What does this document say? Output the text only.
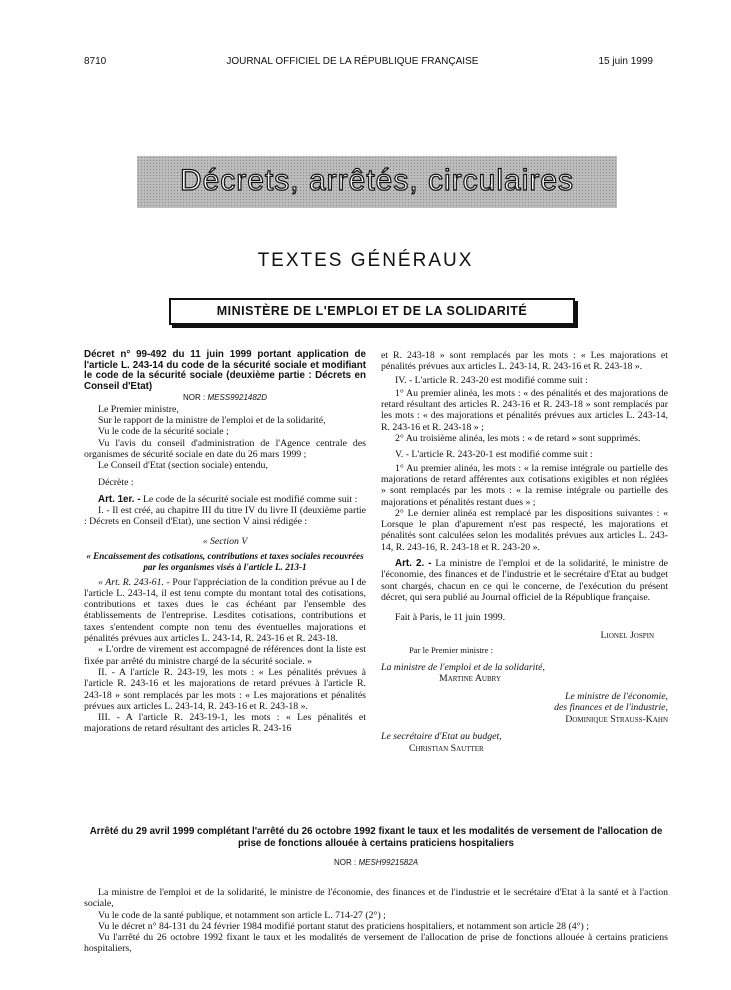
8710	JOURNAL OFFICIEL DE LA RÉPUBLIQUE FRANÇAISE	15 juin 1999
Décrets, arrêtés, circulaires
TEXTES GÉNÉRAUX
MINISTÈRE DE L'EMPLOI ET DE LA SOLIDARITÉ

Décret n° 99-492 du 11 juin 1999 portant application de l'article L. 243-14 du code de la sécurité sociale et modifiant le code de la sécurité sociale (deuxième partie : Décrets en Conseil d'Etat)

NOR : MESS9921482D

Le Premier ministre,

Sur le rapport de la ministre de l'emploi et de la solidarité,

Vu le code de la sécurité sociale ;

Vu l'avis du conseil d'administration de l'Agence centrale des organismes de sécurité sociale en date du 26 mars 1999 ;

Le Conseil d'Etat (section sociale) entendu,

Décrète :

Art. 1er. - Le code de la sécurité sociale est modifié comme suit :

I. - Il est créé, au chapitre III du titre IV du livre II (deuxième partie : Décrets en Conseil d'Etat), une section V ainsi rédigée :

« Section V

« Encaissement des cotisations, contributions et taxes sociales recouvrées par les organismes visés à l'article L. 213-1

« Art. R. 243-61. - Pour l'appréciation de la condition prévue au I de l'article L. 243-14, il est tenu compte du montant total des cotisations, contributions et taxes dues le cas échéant par l'ensemble des établissements de l'entreprise. Lesdites cotisations, contributions et taxes s'entendent compte non tenu des éventuelles majorations et pénalités prévues aux articles L. 243-14, R. 243-16 et R. 243-18.

« L'ordre de virement est accompagné de références dont la liste est fixée par arrêté du ministre chargé de la sécurité sociale. »

II. - A l'article R. 243-19, les mots : « Les pénalités prévues à l'article R. 243-16 et les majorations de retard prévues à l'article R. 243-18 » sont remplacés par les mots : « Les majorations et pénalités prévues aux articles L. 243-14, R. 243-16 et R. 243-18 ».

III. - A l'article R. 243-19-1, les mots : « Les pénalités et majorations de retard résultant des articles R. 243-16

et R. 243-18 » sont remplacés par les mots : « Les majorations et pénalités prévues aux articles L. 243-14, R. 243-16 et R. 243-18 ».

IV. - L'article R. 243-20 est modifié comme suit :

1° Au premier alinéa, les mots : « des pénalités et des majorations de retard résultant des articles R. 243-16 et R. 243-18 » sont remplacés par les mots : « des majorations et pénalités prévues aux articles L. 243-14, R. 243-16 et R. 243-18 » ;

2° Au troisième alinéa, les mots : « de retard » sont supprimés.

V. - L'article R. 243-20-1 est modifié comme suit :

1° Au premier alinéa, les mots : « la remise intégrale ou partielle des majorations de retard afférentes aux cotisations exigibles et non réglées » sont remplacés par les mots : « la remise intégrale ou partielle des majorations et pénalités restant dues » ;

2° Le dernier alinéa est remplacé par les dispositions suivantes : « Lorsque le plan d'apurement n'est pas respecté, les majorations et pénalités sont calculées selon les modalités prévues aux articles L. 243-14, R. 243-16, R. 243-18 et R. 243-20 ».

Art. 2. - La ministre de l'emploi et de la solidarité, le ministre de l'économie, des finances et de l'industrie et le secrétaire d'Etat au budget sont chargés, chacun en ce qui le concerne, de l'exécution du présent décret, qui sera publié au Journal officiel de la République française.

Fait à Paris, le 11 juin 1999.

Lionel Jospin
Par le Premier ministre :
La ministre de l'emploi et de la solidarité,
Martine Aubry
Le ministre de l'économie,
des finances et de l'industrie,
Dominique Strauss-Kahn
Le secrétaire d'Etat au budget,
Christian Sautter
Arrêté du 29 avril 1999 complétant l'arrêté du 26 octobre 1992 fixant le taux et les modalités de versement de l'allocation de prise de fonctions allouée à certains praticiens hospitaliers
NOR : MESH9921582A

La ministre de l'emploi et de la solidarité, le ministre de l'économie, des finances et de l'industrie et le secrétaire d'Etat à la santé et à l'action sociale,

Vu le code de la santé publique, et notamment son article L. 714-27 (2°) ;

Vu le décret n° 84-131 du 24 février 1984 modifié portant statut des praticiens hospitaliers, et notamment son article 28 (4°) ;

Vu l'arrêté du 26 octobre 1992 fixant le taux et les modalités de versement de l'allocation de prise de fonctions allouée à certains praticiens hospitaliers,
